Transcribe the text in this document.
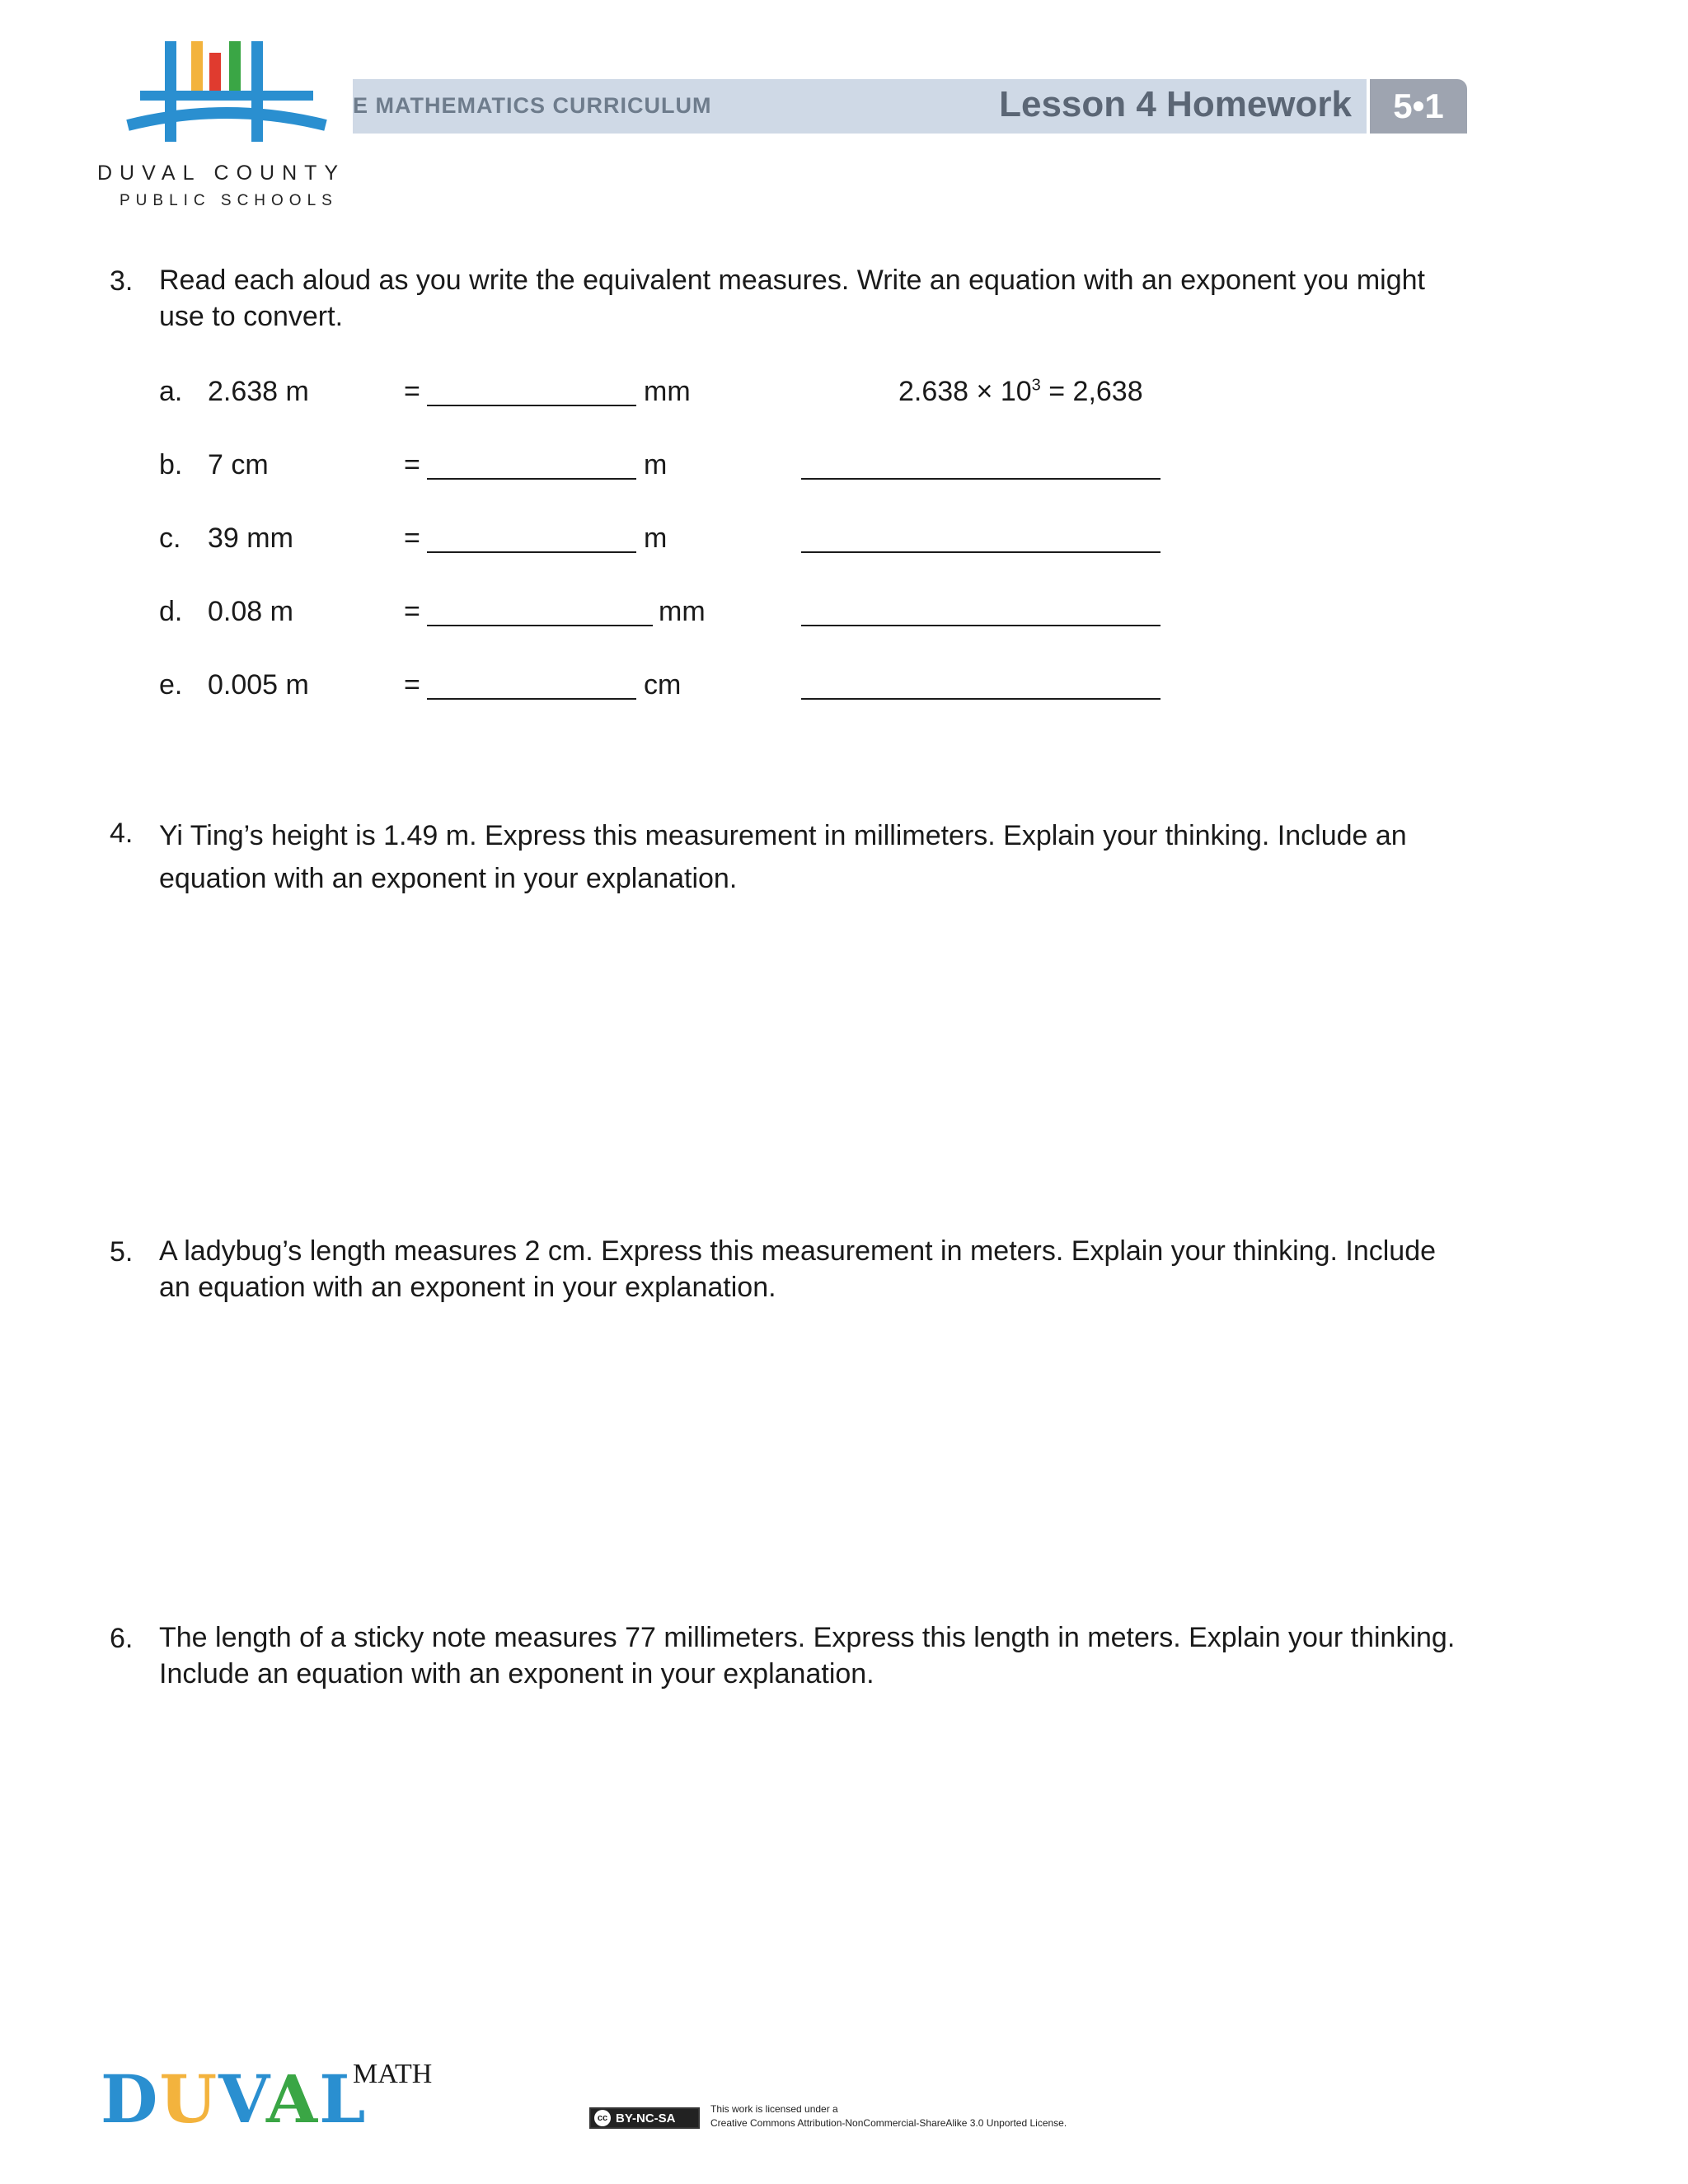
DUVAL COUNTY
PUBLIC SCHOOLS
E MATHEMATICS CURRICULUM	Lesson 4 Homework	5•1
3. Read each aloud as you write the equivalent measures. Write an equation with an exponent you might
use to convert.
a. 2.638 m	=	mm	$2.638 \times 10^3 = 2,638$
b. 7 cm	=	m
c. 39 mm	=	m
d. 0.08 m	=	mm
e. 0.005 m	=	cm
4. Yi Ting’s height is 1.49 m. Express this measurement in millimeters. Explain your thinking. Include an
equation with an exponent in your explanation.
5. A ladybug’s length measures 2 cm. Express this measurement in meters. Explain your thinking. Include
an equation with an exponent in your explanation.
6. The length of a sticky note measures 77 millimeters. Express this length in meters. Explain your thinking.
Include an equation with an exponent in your explanation.
DUVAL
MATH
cc BY-NC-SA
This work is licensed under a
Creative Commons Attribution-NonCommercial-ShareAlike 3.0 Unported License.
